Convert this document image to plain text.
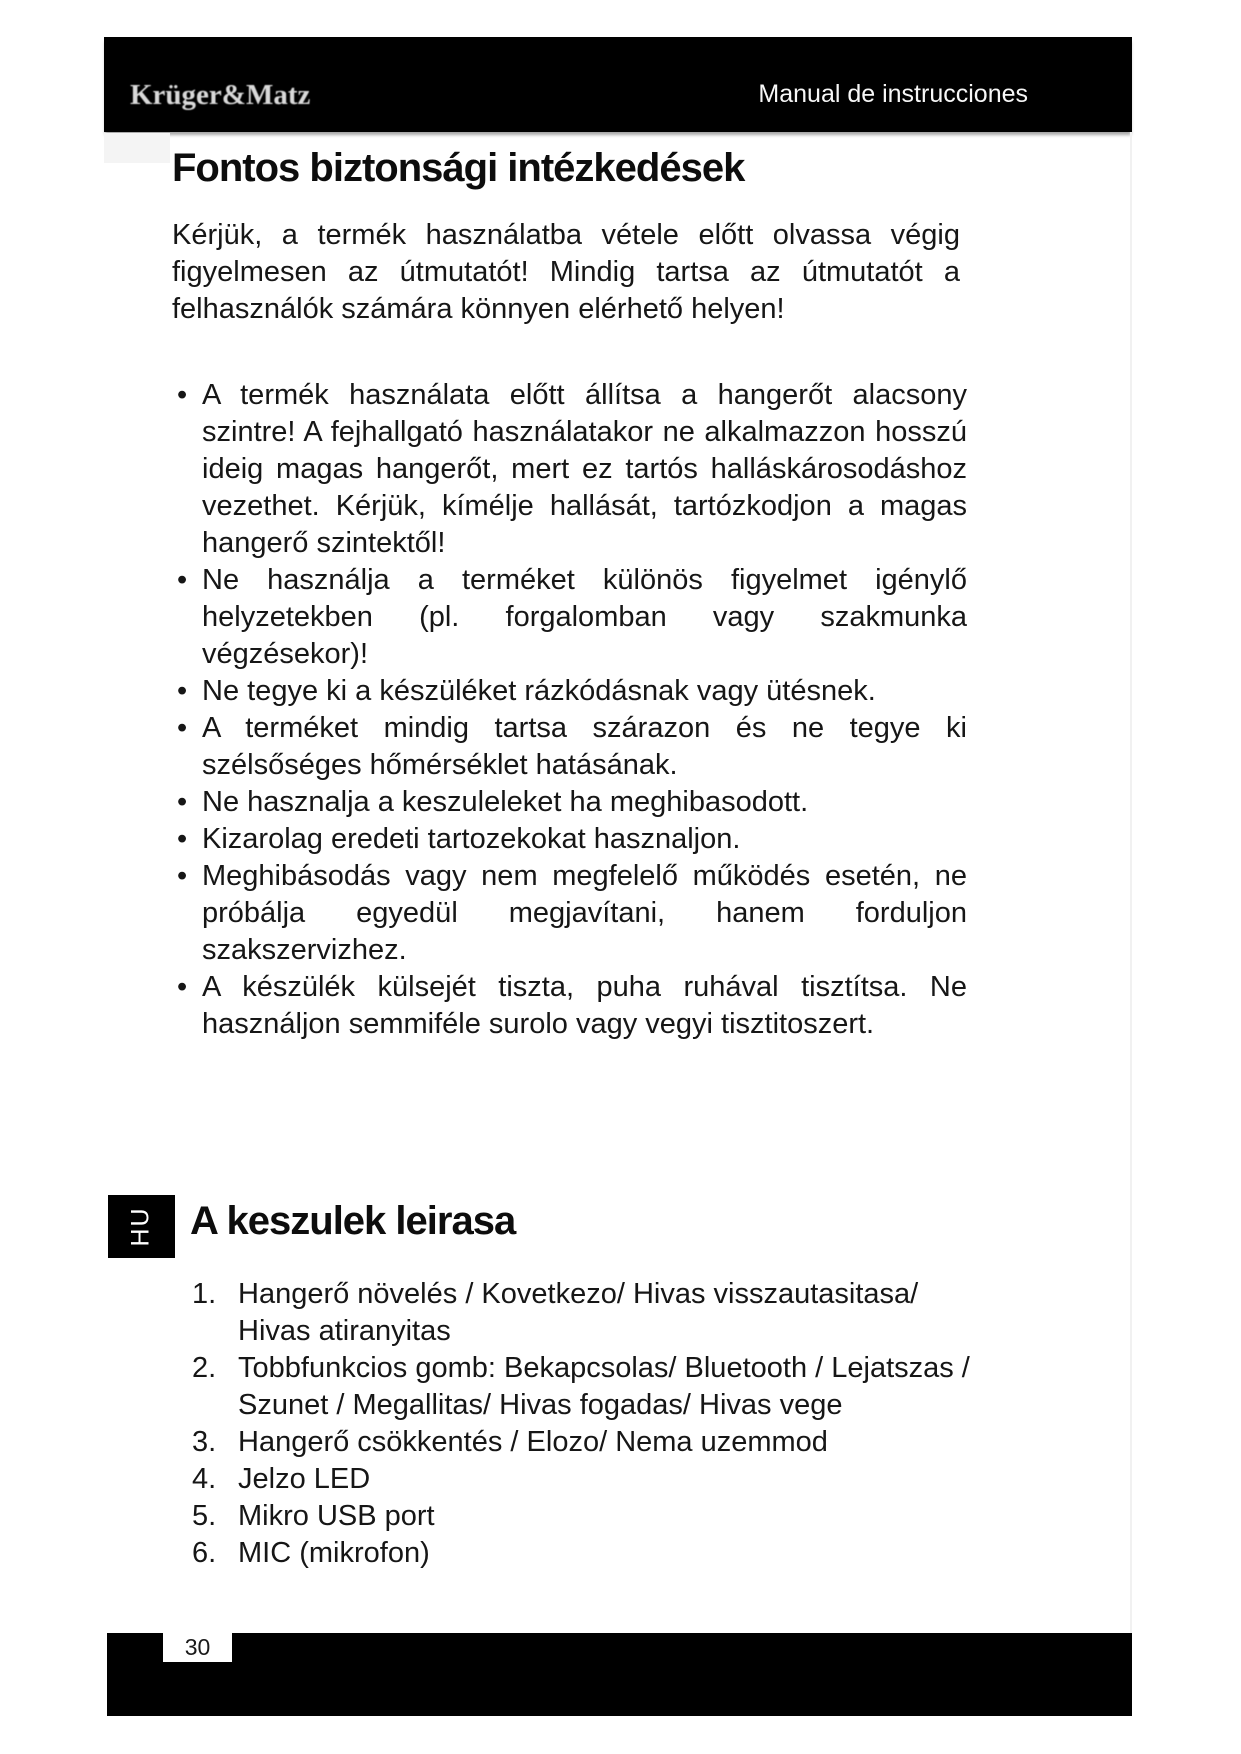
Krüger&Matz	Manual de instrucciones
Fontos biztonsági intézkedések

Kérjük, a termék használatba vétele előtt olvassa végig figyelmesen az útmutatót! Mindig tartsa az útmutatót a felhasználók számára könnyen elérhető helyen!

• A termék használata előtt állítsa a hangerőt alacsony szintre! A fejhallgató használatakor ne alkalmazzon hosszú ideig magas hangerőt, mert ez tartós halláskárosodáshoz vezethet. Kérjük, kímélje hallását, tartózkodjon a magas hangerő szintektől!
• Ne használja a terméket különös figyelmet igénylő helyzetekben (pl. forgalomban vagy szakmunka végzésekor)!
• Ne tegye ki a készüléket rázkódásnak vagy ütésnek.
• A terméket mindig tartsa szárazon és ne tegye ki szélsőséges hőmérséklet hatásának.
• Ne hasznalja a keszuleleket ha meghibasodott.
• Kizarolag eredeti tartozekokat hasznaljon.
• Meghibásodás vagy nem megfelelő működés esetén, ne próbálja egyedül megjavítani, hanem forduljon szakszervizhez.
• A készülék külsejét tiszta, puha ruhával tisztítsa. Ne használjon semmiféle surolo vagy vegyi tisztitoszert.
HU A keszulek leirasa
Hangerő növelés / Kovetkezo/ Hivas visszautasitasa/ Hivas atiranyitas
Tobbfunkcios gomb: Bekapcsolas/ Bluetooth / Lejatszas / Szunet / Megallitas/ Hivas fogadas/ Hivas vege
Hangerő csökkentés / Elozo/ Nema uzemmod
Jelzo LED
Mikro USB port
MIC (mikrofon)
30
